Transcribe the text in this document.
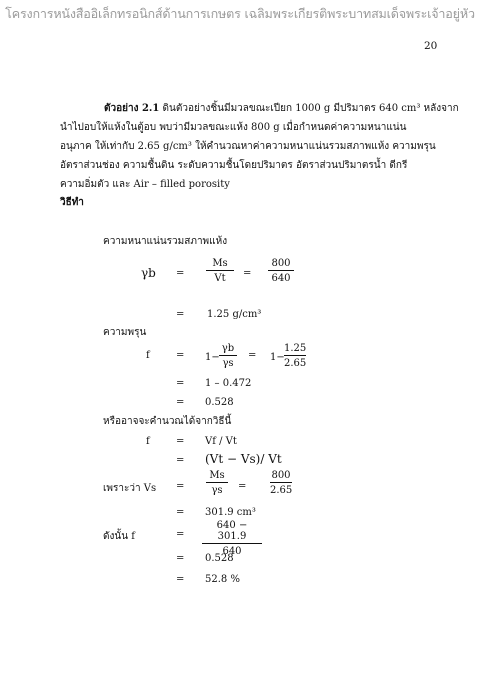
โครงการหนังสืออิเล็กทรอนิกส์ด้านการเกษตร เฉลิมพระเกียรติพระบาทสมเด็จพระเจ้าอยู่หัว
20
ตัวอย่าง 2.1 ดินตัวอย่างชิ้นมีมวลขณะเปียก 1000 g มีปริมาตร 640 cm³ หลังจาก
นำไปอบให้แห้งในตู้อบ พบว่ามีมวลขณะแห้ง 800 g เมื่อกำหนดค่าความหนาแน่น
อนุภาค ให้เท่ากับ 2.65 g/cm³ ให้คำนวณหาค่าความหนาแน่นรวมสภาพแห้ง ความพรุน
อัตราส่วนช่อง ความชื้นดิน ระดับความชื้นโดยปริมาตร อัตราส่วนปริมาตรน้ำ ดีกรี
ความอิ่มตัว และ Air – filled porosity
วิธีทำ
ความหนาแน่นรวมสภาพแห้ง
$\gamma b = \frac{Ms}{Vt} = \frac{800}{640}$
= 1.25 g/cm³
ความพรุน
f	= $1- \frac{\gamma b}{\gamma s} = 1- \frac{1.25}{2.65}$
= 1 – 0.472
= 0.528
หรืออาจจะคำนวณได้จากวิธีนี้
f	= Vf / Vt
= (Vt − Vs)/ Vt
เพราะว่า $Vs = \frac{Ms}{\gamma s} = \frac{800}{2.65}$
= 301.9 cm³
ดังนั้น f	= $\frac{640 - 301.9}{640}$
= 0.528
= 52.8 %
